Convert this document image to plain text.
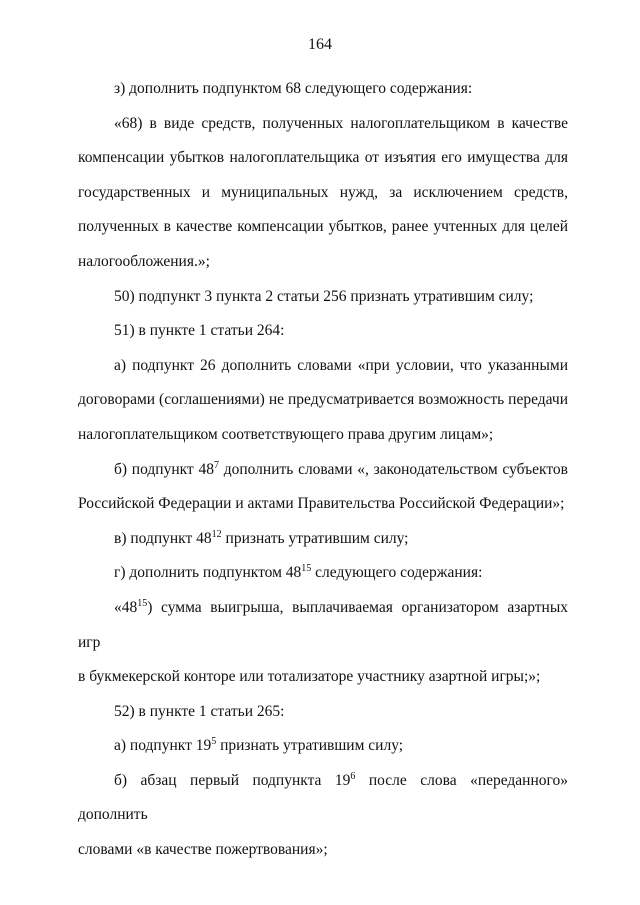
164

з) дополнить подпунктом 68 следующего содержания:

«68) в виде средств, полученных налогоплательщиком в качестве
компенсации убытков налогоплательщика от изъятия его имущества для
государственных и муниципальных нужд, за исключением средств,
полученных в качестве компенсации убытков, ранее учтенных для целей
налогообложения.»;

50) подпункт 3 пункта 2 статьи 256 признать утратившим силу;

51) в пункте 1 статьи 264:

а) подпункт 26 дополнить словами «при условии, что указанными
договорами (соглашениями) не предусматривается возможность передачи
налогоплательщиком соответствующего права другим лицам»;

б) подпункт $48^7$ дополнить словами «, законодательством субъектов
Российской Федерации и актами Правительства Российской Федерации»;

в) подпункт $48^{12}$ признать утратившим силу;

г) дополнить подпунктом $48^{15}$ следующего содержания:

«$48^{15}$) сумма выигрыша, выплачиваемая организатором азартных игр
в букмекерской конторе или тотализаторе участнику азартной игры;»;

52) в пункте 1 статьи 265:

а) подпункт $19^5$ признать утратившим силу;

б) абзац первый подпункта $19^6$ после слова «переданного» дополнить
словами «в качестве пожертвования»;
